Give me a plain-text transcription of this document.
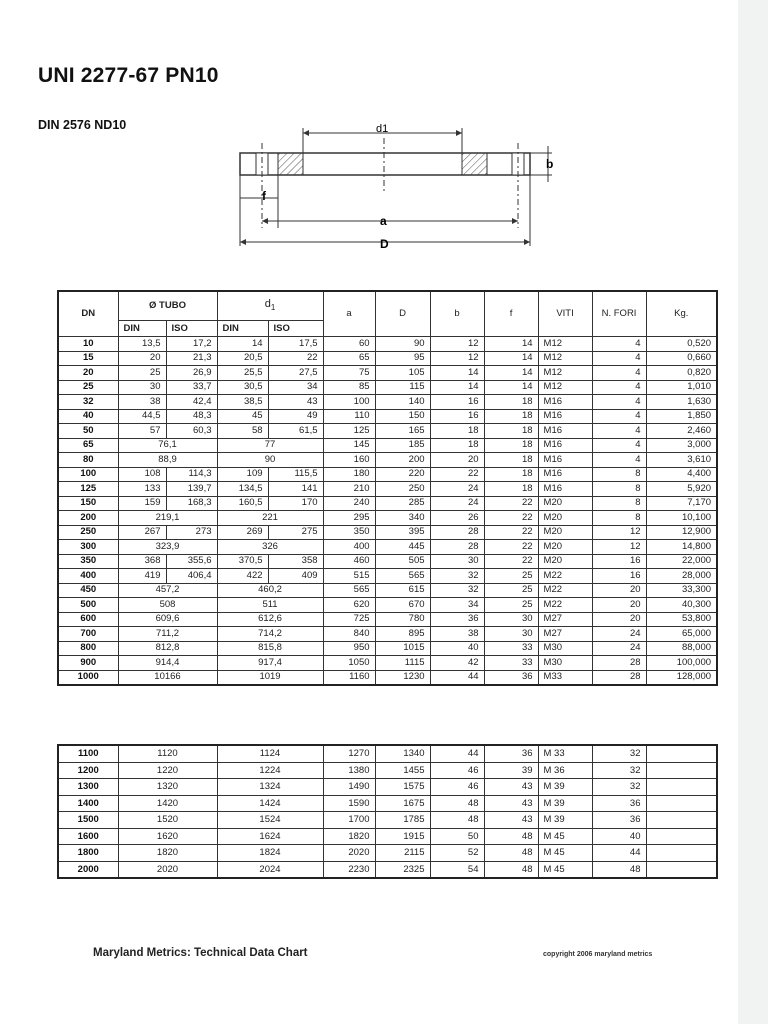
UNI 2277-67 PN10
DIN 2576 ND10	d1
b
f
a
D
DN	Ø TUBO		$d_1$		a	D	b	f	VITI	N. FORI	Kg.
	DIN	ISO	DIN	ISO							
10	13,5	17,2	14	17,5	60	90	12	14	M12	4	0,520
15	20	21,3	20,5	22	65	95	12	14	M12	4	0,660
20	25	26,9	25,5	27,5	75	105	14	14	M12	4	0,820
25	30	33,7	30,5	34	85	115	14	14	M12	4	1,010
32	38	42,4	38,5	43	100	140	16	18	M16	4	1,630
40	44,5	48,3	45	49	110	150	16	18	M16	4	1,850
50	57	60,3	58	61,5	125	165	18	18	M16	4	2,460
65	76,1		77		145	185	18	18	M16	4	3,000
80	88,9		90		160	200	20	18	M16	4	3,610
100	108	114,3	109	115,5	180	220	22	18	M16	8	4,400
125	133	139,7	134,5	141	210	250	24	18	M16	8	5,920
150	159	168,3	160,5	170	240	285	24	22	M20	8	7,170
200	219,1		221		295	340	26	22	M20	8	10,100
250	267	273	269	275	350	395	28	22	M20	12	12,900
300	323,9		326		400	445	28	22	M20	12	14,800
350	368	355,6	370,5	358	460	505	30	22	M20	16	22,000
400	419	406,4	422	409	515	565	32	25	M22	16	28,000
450	457,2		460,2		565	615	32	25	M22	20	33,300
500	508		511		620	670	34	25	M22	20	40,300
600	609,6		612,6		725	780	36	30	M27	20	53,800
700	711,2		714,2		840	895	38	30	M27	24	65,000
800	812,8		815,8		950	1015	40	33	M30	24	88,000
900	914,4		917,4		1050	1115	42	33	M30	28	100,000
1000	10166		1019		1160	1230	44	36	M33	28	128,000
1100	1120	1124	1270	1340	44	36	M 33	32	
1200	1220	1224	1380	1455	46	39	M 36	32	
1300	1320	1324	1490	1575	46	43	M 39	32	
1400	1420	1424	1590	1675	48	43	M 39	36	
1500	1520	1524	1700	1785	48	43	M 39	36	
1600	1620	1624	1820	1915	50	48	M 45	40	
1800	1820	1824	2020	2115	52	48	M 45	44	
2000	2020	2024	2230	2325	54	48	M 45	48	
Maryland Metrics: Technical Data Chart	copyright 2006 maryland metrics
